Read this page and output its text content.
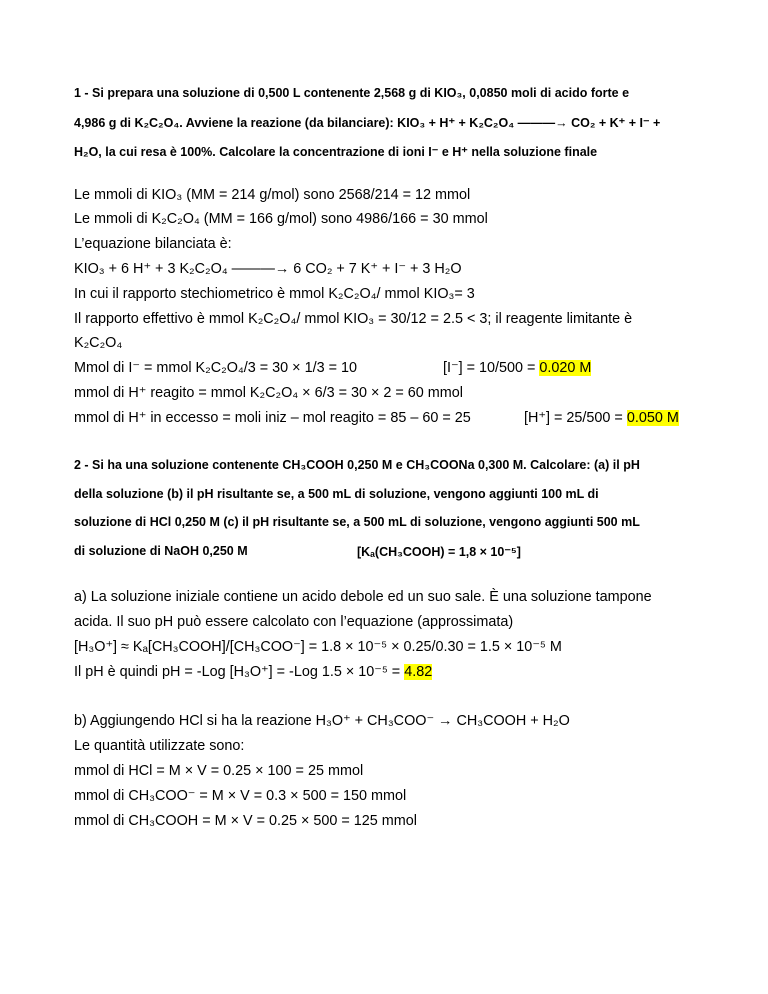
1 - Si prepara una soluzione di 0,500 L contenente 2,568 g di KIO₃, 0,0850 moli di acido forte e
4,986 g di K₂C₂O₄. Avviene la reazione (da bilanciare): KIO₃ + H⁺ + K₂C₂O₄ ———→ CO₂ + K⁺ + I⁻ +
H₂O, la cui resa è 100%. Calcolare la concentrazione di ioni I⁻ e H⁺ nella soluzione finale
Le mmoli di KIO₃ (MM = 214 g/mol) sono 2568/214 = 12 mmol
Le mmoli di K₂C₂O₄ (MM = 166 g/mol) sono 4986/166 = 30 mmol
L’equazione bilanciata è:
KIO₃ + 6 H⁺ + 3 K₂C₂O₄ ———→ 6 CO₂ + 7 K⁺ + I⁻ + 3 H₂O
In cui il rapporto stechiometrico è mmol K₂C₂O₄/ mmol KIO₃= 3
Il rapporto effettivo è mmol K₂C₂O₄/ mmol KIO₃ = 30/12 = 2.5 < 3; il reagente limitante è
K₂C₂O₄
Mmol di I⁻ = mmol K₂C₂O₄/3 = 30 × 1/3 = 10	[I⁻] = 10/500 = 0.020 M
mmol di H⁺ reagito = mmol K₂C₂O₄ × 6/3 = 30 × 2 = 60 mmol
mmol di H⁺ in eccesso = moli iniz – mol reagito = 85 – 60 = 25	[H⁺] = 25/500 = 0.050 M
2 - Si ha una soluzione contenente CH₃COOH 0,250 M e CH₃COONa 0,300 M. Calcolare: (a) il pH
della soluzione (b) il pH risultante se, a 500 mL di soluzione, vengono aggiunti 100 mL di
soluzione di HCl 0,250 M (c) il pH risultante se, a 500 mL di soluzione, vengono aggiunti 500 mL
di soluzione di NaOH 0,250 M	[Kₐ(CH₃COOH) = 1,8 × 10⁻⁵]
a) La soluzione iniziale contiene un acido debole ed un suo sale. È una soluzione tampone
acida. Il suo pH può essere calcolato con l’equazione (approssimata)
[H₃O⁺] ≈ Kₐ[CH₃COOH]/[CH₃COO⁻] = 1.8 × 10⁻⁵ × 0.25/0.30 = 1.5 × 10⁻⁵ M
Il pH è quindi pH = -Log [H₃O⁺] = -Log 1.5 × 10⁻⁵ = 4.82
b) Aggiungendo HCl si ha la reazione H₃O⁺ + CH₃COO⁻ → CH₃COOH + H₂O
Le quantità utilizzate sono:
mmol di HCl = M × V = 0.25 × 100 = 25 mmol
mmol di CH₃COO⁻ = M × V = 0.3 × 500 = 150 mmol
mmol di CH₃COOH = M × V = 0.25 × 500 = 125 mmol
